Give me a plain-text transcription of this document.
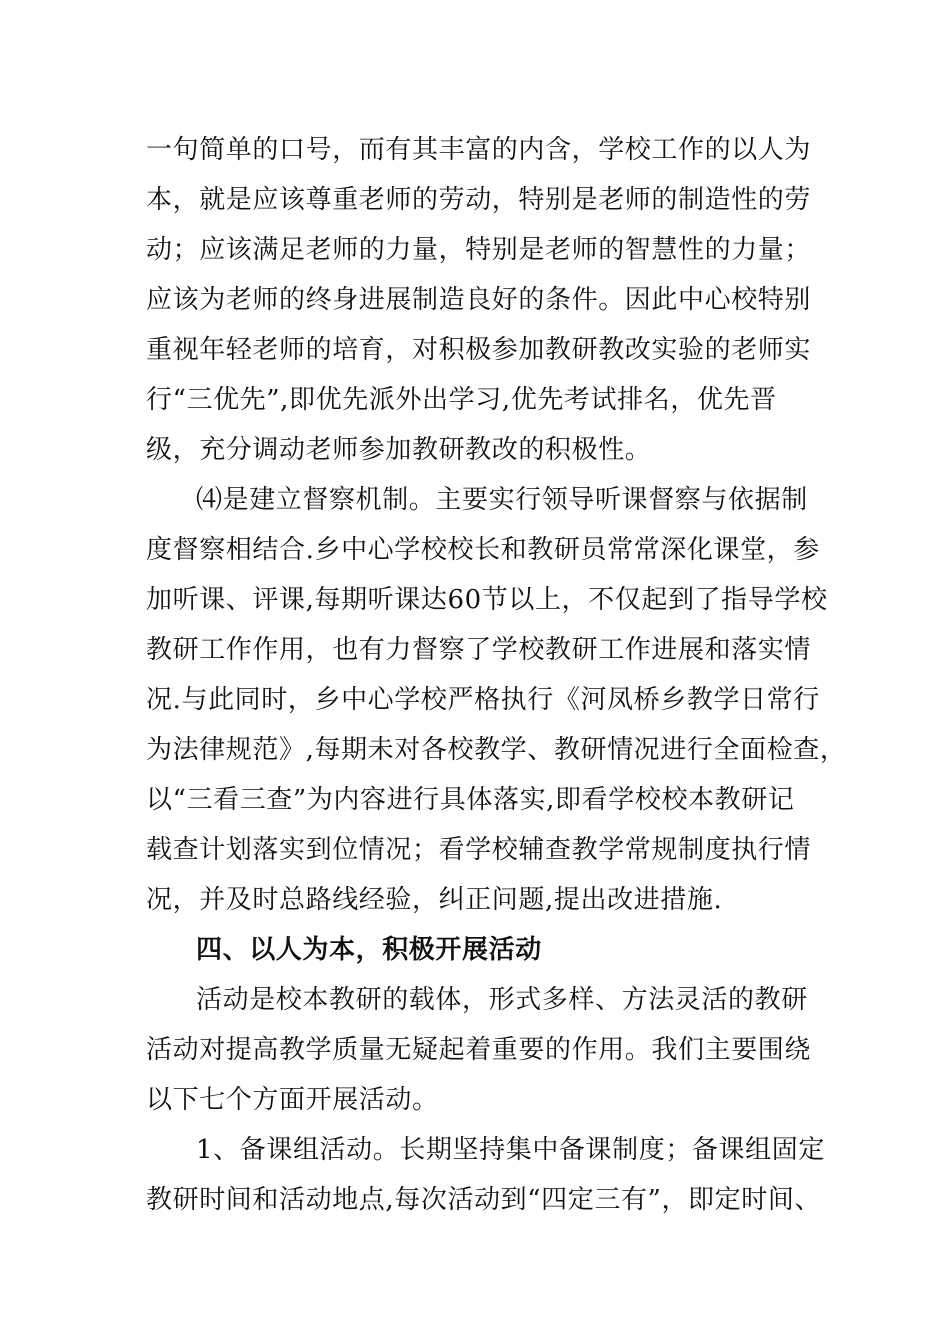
一句简单的口号，而有其丰富的内含，学校工作的以人为
本，就是应该尊重老师的劳动，特别是老师的制造性的劳
动；应该满足老师的力量，特别是老师的智慧性的力量；
应该为老师的终身进展制造良好的条件。因此中心校特别
重视年轻老师的培育，对积极参加教研教改实验的老师实
行“三优先”,即优先派外出学习,优先考试排名，优先晋
级，充分调动老师参加教研教改的积极性。
⑷是建立督察机制。主要实行领导听课督察与依据制
度督察相结合.乡中心学校校长和教研员常常深化课堂，参
加听课、评课,每期听课达60节以上，不仅起到了指导学校
教研工作作用，也有力督察了学校教研工作进展和落实情
况.与此同时，乡中心学校严格执行《河凤桥乡教学日常行
为法律规范》,每期未对各校教学、教研情况进行全面检查，
以“三看三查”为内容进行具体落实,即看学校校本教研记
载查计划落实到位情况；看学校辅查教学常规制度执行情
况，并及时总路线经验，纠正问题,提出改进措施.
四、以人为本，积极开展活动
活动是校本教研的载体，形式多样、方法灵活的教研
活动对提高教学质量无疑起着重要的作用。我们主要围绕
以下七个方面开展活动。
1、备课组活动。长期坚持集中备课制度；备课组固定
教研时间和活动地点,每次活动到“四定三有”，即定时间、
